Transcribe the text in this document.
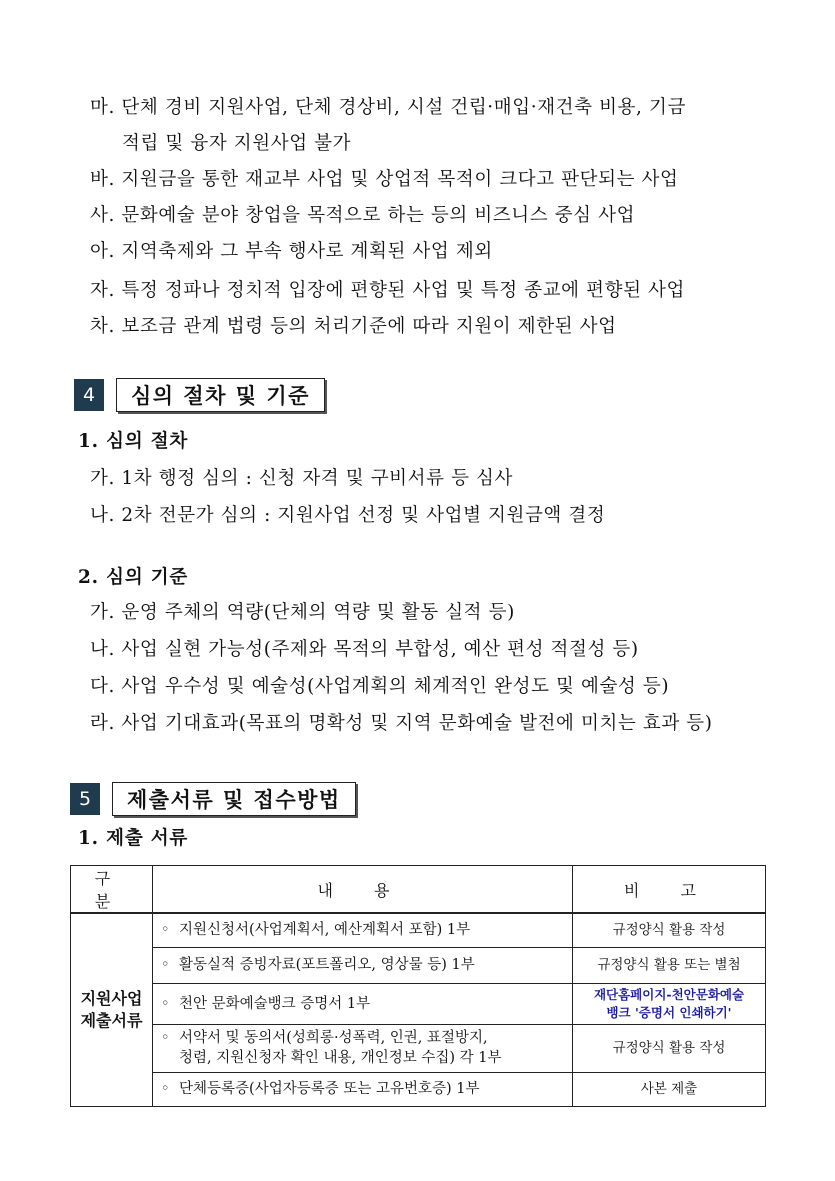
마. 단체 경비 지원사업, 단체 경상비, 시설 건립·매입·재건축 비용, 기금
적립 및 융자 지원사업 불가
바. 지원금을 통한 재교부 사업 및 상업적 목적이 크다고 판단되는 사업
사. 문화예술 분야 창업을 목적으로 하는 등의 비즈니스 중심 사업
아. 지역축제와 그 부속 행사로 계획된 사업 제외
자. 특정 정파나 정치적 입장에 편향된 사업 및 특정 종교에 편향된 사업
차. 보조금 관계 법령 등의 처리기준에 따라 지원이 제한된 사업
4	심의 절차 및 기준
1. 심의 절차
가. 1차 행정 심의 : 신청 자격 및 구비서류 등 심사
나. 2차 전문가 심의 : 지원사업 선정 및 사업별 지원금액 결정
2. 심의 기준
가. 운영 주체의 역량(단체의 역량 및 활동 실적 등)
나. 사업 실현 가능성(주제와 목적의 부합성, 예산 편성 적절성 등)
다. 사업 우수성 및 예술성(사업계획의 체계적인 완성도 및 예술성 등)
라. 사업 기대효과(목표의 명확성 및 지역 문화예술 발전에 미치는 효과 등)
5	제출서류 및 접수방법
1. 제출 서류
구 분	내 용	비 고
지원사업
제출서류	◦ 지원신청서(사업계획서, 예산계획서 포함) 1부	규정양식 활용 작성
	◦ 활동실적 증빙자료(포트폴리오, 영상물 등) 1부	규정양식 활용 또는 별첨
	◦ 천안 문화예술뱅크 증명서 1부	재단홈페이지-천안문화예술
뱅크 '증명서 인쇄하기'
	◦ 서약서 및 동의서(성희롱·성폭력, 인권, 표절방지,
청렴, 지원신청자 확인 내용, 개인정보 수집) 각 1부	규정양식 활용 작성
	◦ 단체등록증(사업자등록증 또는 고유번호증) 1부	사본 제출
